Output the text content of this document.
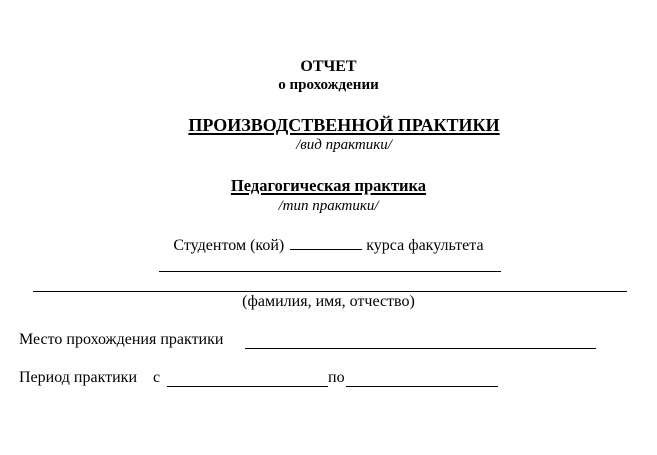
ОТЧЕТ
о прохождении
ПРОИЗВОДСТВЕННОЙ ПРАКТИКИ
/вид практики/
Педагогическая практика
/тип практики/
Студентом (кой)	курса факультета
(фамилия, имя, отчество)
Место прохождения практики
Период практики с	по
